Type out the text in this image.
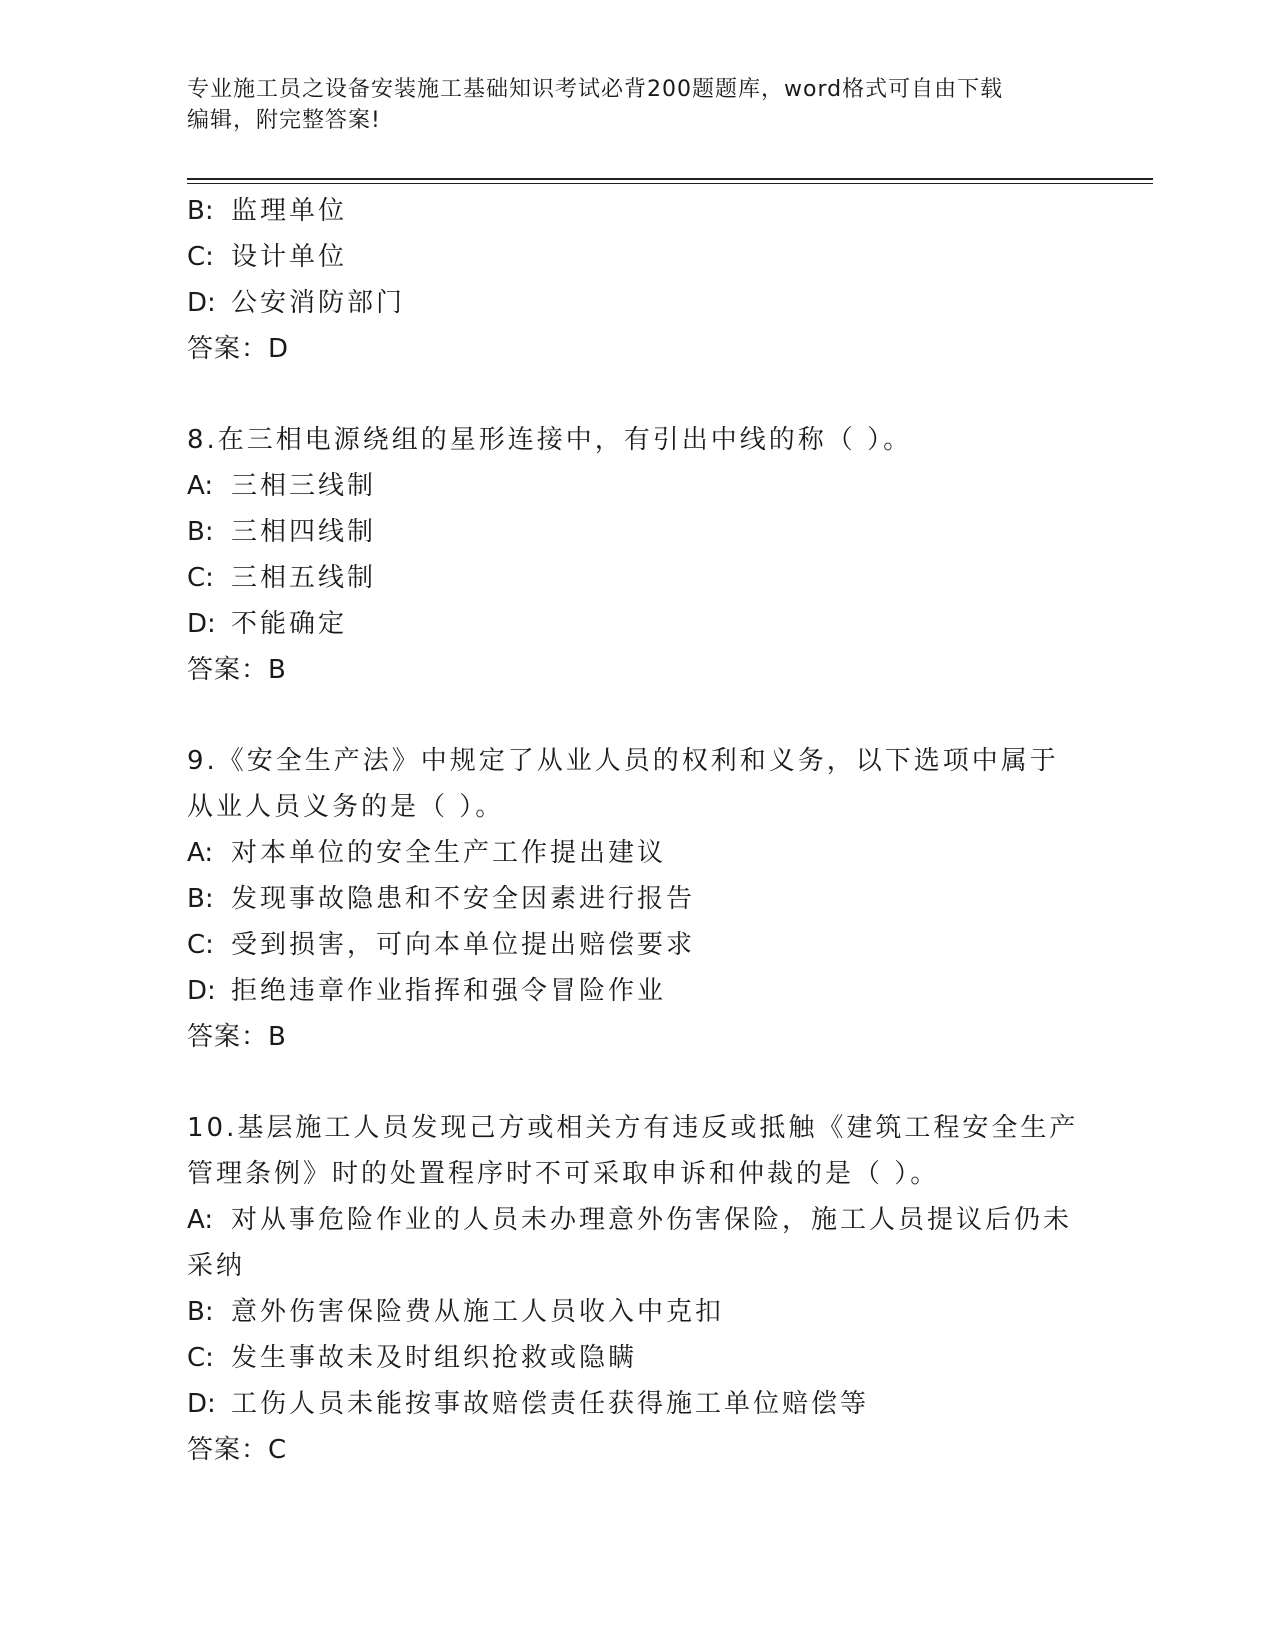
专业施工员之设备安装施工基础知识考试必背200题题库，word格式可自由下载
编辑，附完整答案!
B: 监理单位
C: 设计单位
D: 公安消防部门
答案：D
8.在三相电源绕组的星形连接中，有引出中线的称（ ）。
A: 三相三线制
B: 三相四线制
C: 三相五线制
D: 不能确定
答案：B
9.《安全生产法》中规定了从业人员的权利和义务，以下选项中属于
从业人员义务的是（ ）。
A: 对本单位的安全生产工作提出建议
B: 发现事故隐患和不安全因素进行报告
C: 受到损害，可向本单位提出赔偿要求
D: 拒绝违章作业指挥和强令冒险作业
答案：B
10.基层施工人员发现己方或相关方有违反或抵触《建筑工程安全生产
管理条例》时的处置程序时不可采取申诉和仲裁的是（ ）。
A: 对从事危险作业的人员未办理意外伤害保险，施工人员提议后仍未
采纳
B: 意外伤害保险费从施工人员收入中克扣
C: 发生事故未及时组织抢救或隐瞒
D: 工伤人员未能按事故赔偿责任获得施工单位赔偿等
答案：C
